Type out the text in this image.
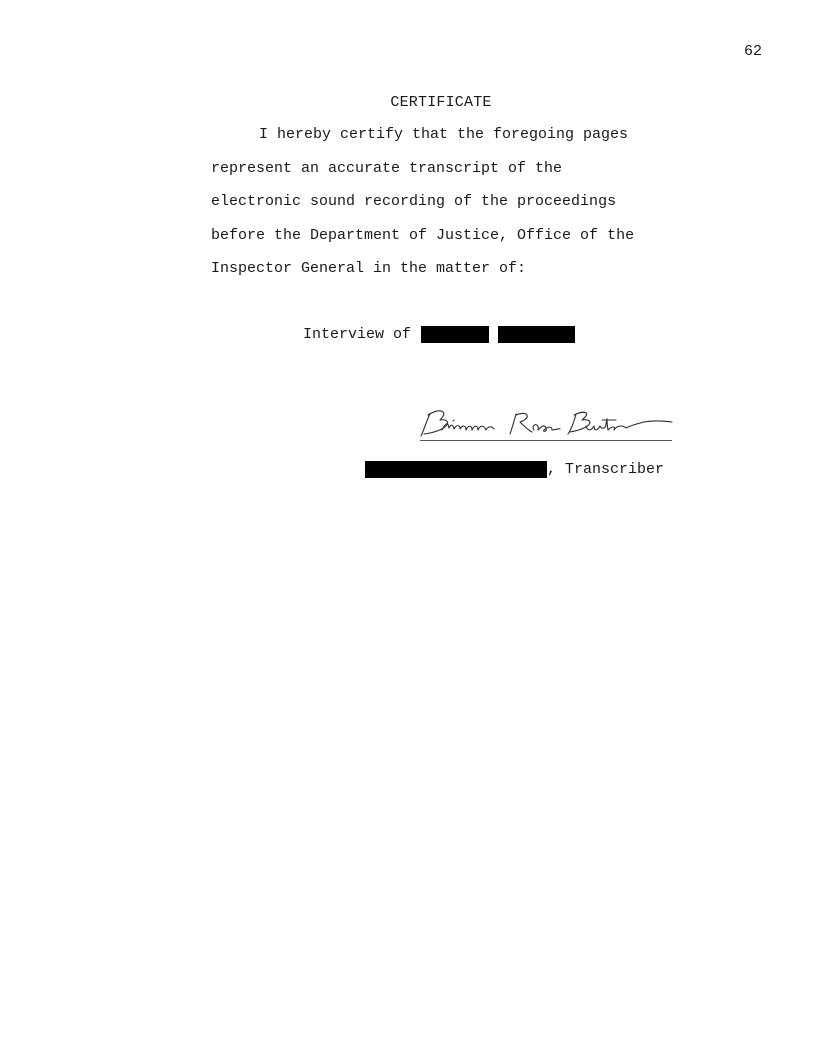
62
CERTIFICATE
I hereby certify that the foregoing pages
represent an accurate transcript of the
electronic sound recording of the proceedings
before the Department of Justice, Office of the
Inspector General in the matter of:
Interview of
, Transcriber
